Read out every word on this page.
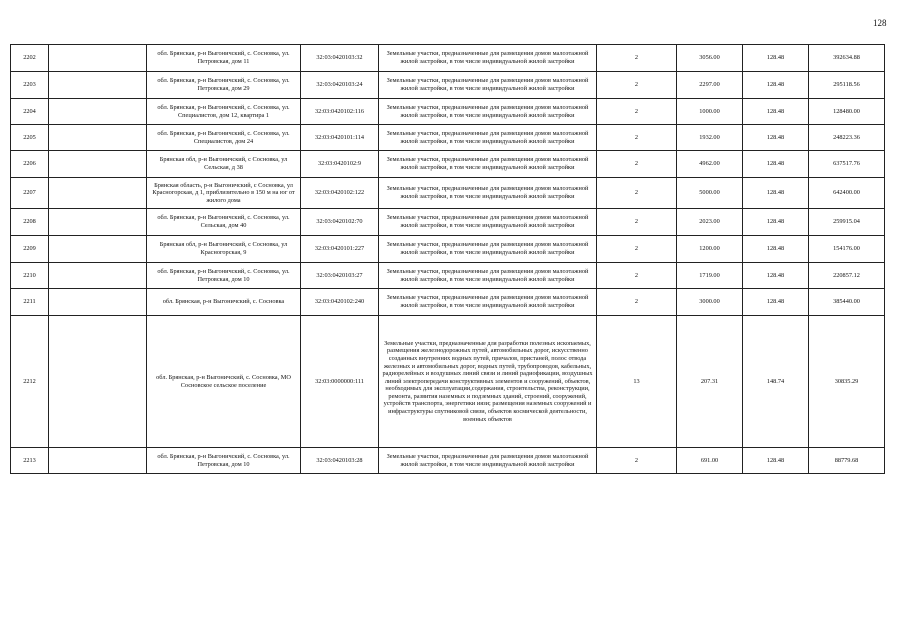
128
2202		обл. Брянская, р-н Выгоничский, с. Сосновка, ул. Петровская, дом 11	32:03:0420103:32	Земельные участки, предназначенные для размещения домов малоэтажной жилой застройки, в том числе индивидуальной жилой застройки	2	3056.00	128.48	392634.88
2203		обл. Брянская, р-н Выгоничский, с. Сосновка, ул. Петровская, дом 29	32:03:0420103:24	Земельные участки, предназначенные для размещения домов малоэтажной жилой застройки, в том числе индивидуальной жилой застройки	2	2297.00	128.48	295118.56
2204		обл. Брянская, р-н Выгоничский, с. Сосновка, ул. Специалистов, дом 12, квартира 1	32:03:0420102:116	Земельные участки, предназначенные для размещения домов малоэтажной жилой застройки, в том числе индивидуальной жилой застройки	2	1000.00	128.48	128480.00
2205		обл. Брянская, р-н Выгоничский, с. Сосновка, ул. Специалистов, дом 24	32:03:0420101:114	Земельные участки, предназначенные для размещения домов малоэтажной жилой застройки, в том числе индивидуальной жилой застройки	2	1932.00	128.48	248223.36
2206		Брянская обл, р-н Выгоничский, с Сосновка, ул Сельская, д 38	32:03:0420102:9	Земельные участки, предназначенные для размещения домов малоэтажной жилой застройки, в том числе индивидуальной жилой застройки	2	4962.00	128.48	637517.76
2207		Брянская область, р-н Выгоничский, с Сосновка, ул Красногорская, д 1, приблизительно в 150 м на юг от жилого дома	32:03:0420102:122	Земельные участки, предназначенные для размещения домов малоэтажной жилой застройки, в том числе индивидуальной жилой застройки	2	5000.00	128.48	642400.00
2208		обл. Брянская, р-н Выгоничский, с. Сосновка, ул. Сельская, дом 40	32:03:0420102:70	Земельные участки, предназначенные для размещения домов малоэтажной жилой застройки, в том числе индивидуальной жилой застройки	2	2023.00	128.48	259915.04
2209		Брянская обл, р-н Выгоничский, с Сосновка, ул Красногорская, 9	32:03:0420101:227	Земельные участки, предназначенные для размещения домов малоэтажной жилой застройки, в том числе индивидуальной жилой застройки	2	1200.00	128.48	154176.00
2210		обл. Брянская, р-н Выгоничский, с. Сосновка, ул. Петровская, дом 10	32:03:0420103:27	Земельные участки, предназначенные для размещения домов малоэтажной жилой застройки, в том числе индивидуальной жилой застройки	2	1719.00	128.48	220857.12
2211		обл. Брянская, р-н Выгоничский, с. Сосновка	32:03:0420102:240	Земельные участки, предназначенные для размещения домов малоэтажной жилой застройки, в том числе индивидуальной жилой застройки	2	3000.00	128.48	385440.00
2212		обл. Брянская, р-н Выгоничский, с. Сосновка, МО Сосновское сельское поселение	32:03:0000000:111	Земельные участки, предназначенные для разработки полезных ископаемых, размещения железнодорожных путей, автомобильных дорог, искусственно созданных внутренних водных путей, причалов, пристаней, полос отвода железных и автомобильных дорог, водных путей, трубопроводов, кабельных, радиорелейных и воздушных линий связи и линий радиофикации, воздушных линий электропередачи конструктивных элементов и сооружений, объектов, необходимых для эксплуатации,содержания, строительства, реконструкции, ремонта, развития наземных и подземных зданий, строений, сооружений, устройств транспорта, энергетики иязи; размещения наземных сооружений и инфраструктуры спутниковой связи, объектов космической деятельности, военных объектов	13	207.31	148.74	30835.29
2213		обл. Брянская, р-н Выгоничский, с. Сосновка, ул. Петровская, дом 10	32:03:0420103:28	Земельные участки, предназначенные для размещения домов малоэтажной жилой застройки, в том числе индивидуальной жилой застройки	2	691.00	128.48	88779.68
